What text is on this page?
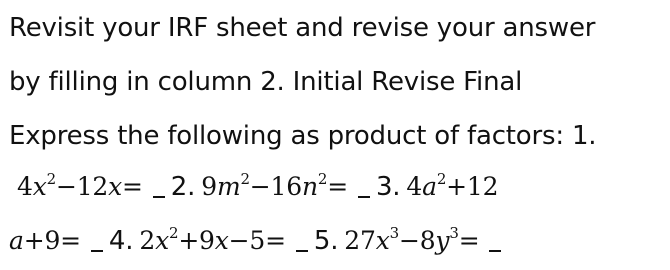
Revisit your IRF sheet and revise your answer
by filling in column 2. Initial Revise Final
Express the following as product of factors: 1.
$4x^2-12x= 2$. $9m^2-16n^2= 3$. $4a^2+12$
a+9= 4. $2x^2+9x-5= 5$. $27x^3-8y^3=$
